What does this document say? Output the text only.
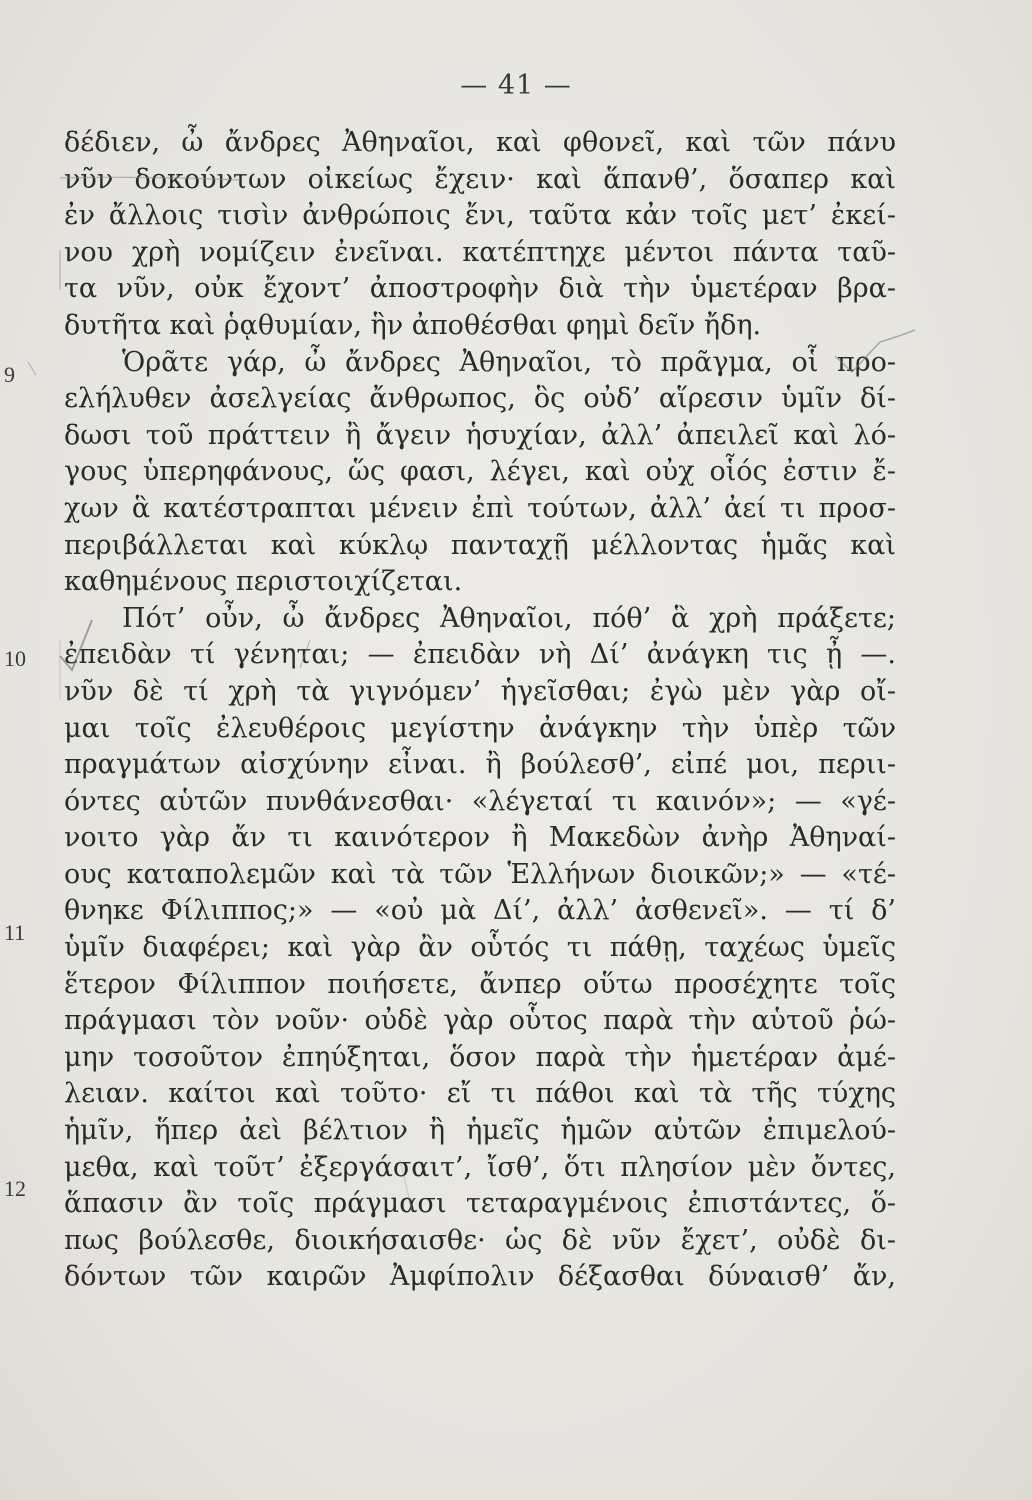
— 41 —
9
10
11
12
δέδιεν, ὦ ἄνδρες Ἀθηναῖοι, καὶ φθονεῖ, καὶ τῶν πάνυ
νῦν δοκούντων οἰκείως ἔχειν· καὶ ἅπανθ’, ὅσαπερ καὶ
ἐν ἄλλοις τισὶν ἀνθρώποις ἔνι, ταῦτα κἀν τοῖς μετ’ ἐκεί-
νου χρὴ νομίζειν ἐνεῖναι. κατέπτηχε μέντοι πάντα ταῦ-
τα νῦν, οὐκ ἔχοντ’ ἀποστροφὴν διὰ τὴν ὑμετέραν βρα-
δυτῆτα καὶ ῥᾳθυμίαν, ἣν ἀποθέσθαι φημὶ δεῖν ἤδη.
Ὁρᾶτε γάρ, ὦ ἄνδρες Ἀθηναῖοι, τὸ πρᾶγμα, οἷ προ-
ελήλυθεν ἀσελγείας ἄνθρωπος, ὃς οὐδ’ αἵρεσιν ὑμῖν δί-
δωσι τοῦ πράττειν ἢ ἄγειν ἡσυχίαν, ἀλλ’ ἀπειλεῖ καὶ λό-
γους ὑπερηφάνους, ὥς φασι, λέγει, καὶ οὐχ οἷός ἐστιν ἔ-
χων ἃ κατέστραπται μένειν ἐπὶ τούτων, ἀλλ’ ἀεί τι προσ-
περιβάλλεται καὶ κύκλῳ πανταχῇ μέλλοντας ἡμᾶς καὶ
καθημένους περιστοιχίζεται.
Πότ’ οὖν, ὦ ἄνδρες Ἀθηναῖοι, πόθ’ ἃ χρὴ πράξετε;
ἐπειδὰν τί γένηται; — ἐπειδὰν νὴ Δί’ ἀνάγκη τις ᾖ —.
νῦν δὲ τί χρὴ τὰ γιγνόμεν’ ἡγεῖσθαι; ἐγὼ μὲν γὰρ οἴ-
μαι τοῖς ἐλευθέροις μεγίστην ἀνάγκην τὴν ὑπὲρ τῶν
πραγμάτων αἰσχύνην εἶναι. ἢ βούλεσθ’, εἰπέ μοι, περιι-
όντες αὑτῶν πυνθάνεσθαι· «λέγεταί τι καινόν»; — «γέ-
νοιτο γὰρ ἄν τι καινότερον ἢ Μακεδὼν ἀνὴρ Ἀθηναί-
ους καταπολεμῶν καὶ τὰ τῶν Ἑλλήνων διοικῶν;» — «τέ-
θνηκε Φίλιππος;» — «οὐ μὰ Δί’, ἀλλ’ ἀσθενεῖ». — τί δ’
ὑμῖν διαφέρει; καὶ γὰρ ἂν οὗτός τι πάθῃ, ταχέως ὑμεῖς
ἕτερον Φίλιππον ποιήσετε, ἄνπερ οὕτω προσέχητε τοῖς
πράγμασι τὸν νοῦν· οὐδὲ γὰρ οὗτος παρὰ τὴν αὑτοῦ ῥώ-
μην τοσοῦτον ἐπηύξηται, ὅσον παρὰ τὴν ἡμετέραν ἀμέ-
λειαν. καίτοι καὶ τοῦτο· εἴ τι πάθοι καὶ τὰ τῆς τύχης
ἡμῖν, ἥπερ ἀεὶ βέλτιον ἢ ἡμεῖς ἡμῶν αὐτῶν ἐπιμελού-
μεθα, καὶ τοῦτ’ ἐξεργάσαιτ’, ἴσθ’, ὅτι πλησίον μὲν ὄντες,
ἅπασιν ἂν τοῖς πράγμασι τεταραγμένοις ἐπιστάντες, ὅ-
πως βούλεσθε, διοικήσαισθε· ὡς δὲ νῦν ἔχετ’, οὐδὲ δι-
δόντων τῶν καιρῶν Ἀμφίπολιν δέξασθαι δύναισθ’ ἄν,
